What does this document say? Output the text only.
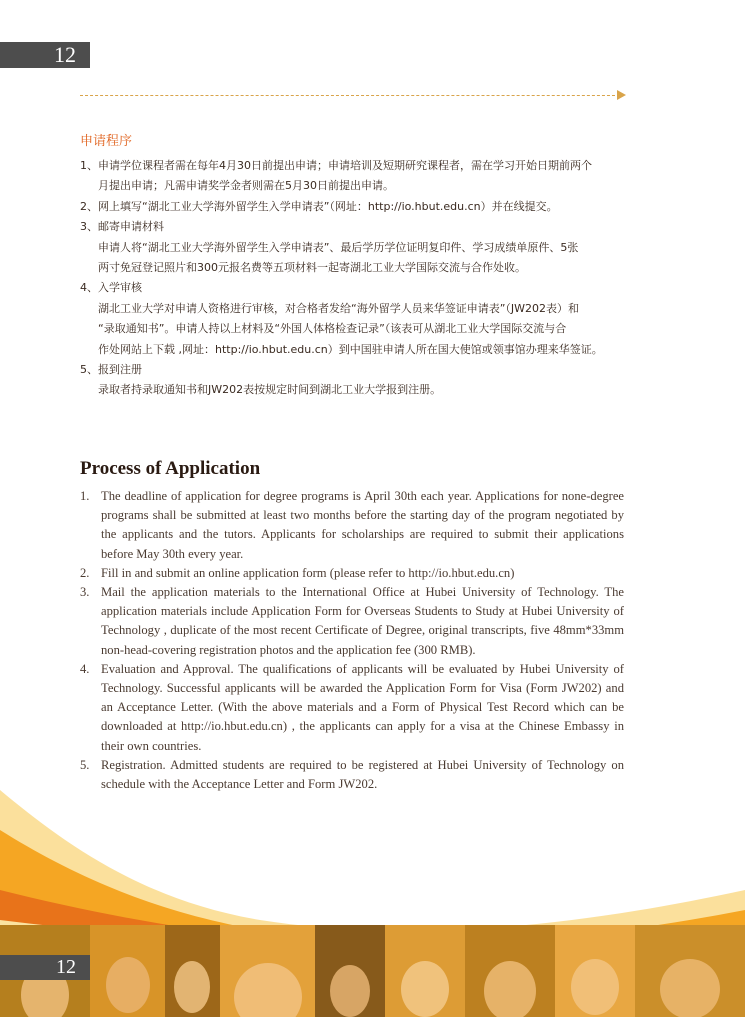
12
申请程序
1、申请学位课程者需在每年4月30日前提出申请；申请培训及短期研究课程者，需在学习开始日期前两个
月提出申请；凡需申请奖学金者则需在5月30日前提出申请。
2、网上填写“湖北工业大学海外留学生入学申请表”（网址：http://io.hbut.edu.cn）并在线提交。
3、邮寄申请材料
申请人将“湖北工业大学海外留学生入学申请表”、最后学历学位证明复印件、学习成绩单原件、5张
两寸免冠登记照片和300元报名费等五项材料一起寄湖北工业大学国际交流与合作处收。
4、入学审核
湖北工业大学对申请人资格进行审核，对合格者发给“海外留学人员来华签证申请表”（JW202表）和
“录取通知书”。申请人持以上材料及“外国人体格检查记录”（该表可从湖北工业大学国际交流与合
作处网站上下载 ,网址：http://io.hbut.edu.cn）到中国驻申请人所在国大使馆或领事馆办理来华签证。
5、报到注册
录取者持录取通知书和JW202表按规定时间到湖北工业大学报到注册。
Process of Application
1. The deadline of application for degree programs is April 30th each year. Applications for none-degree programs shall be submitted at least two months before the starting day of the program negotiated by the applicants and the tutors. Applicants for scholarships are required to submit their applications before May 30th every year.
2. Fill in and submit an online application form (please refer to http://io.hbut.edu.cn)
3. Mail the application materials to the International Office at Hubei University of Technology. The application materials include Application Form for Overseas Students to Study at Hubei University of Technology , duplicate of the most recent Certificate of Degree, original transcripts, five 48mm*33mm non-head-covering registration photos and the application fee (300 RMB).
4. Evaluation and Approval. The qualifications of applicants will be evaluated by Hubei University of Technology. Successful applicants will be awarded the Application Form for Visa (Form JW202) and an Acceptance Letter. (With the above materials and a Form of Physical Test Record which can be downloaded at http://io.hbut.edu.cn) , the applicants can apply for a visa at the Chinese Embassy in their own countries.
5. Registration. Admitted students are required to be registered at Hubei University of Technology on schedule with the Acceptance Letter and Form JW202.
12
